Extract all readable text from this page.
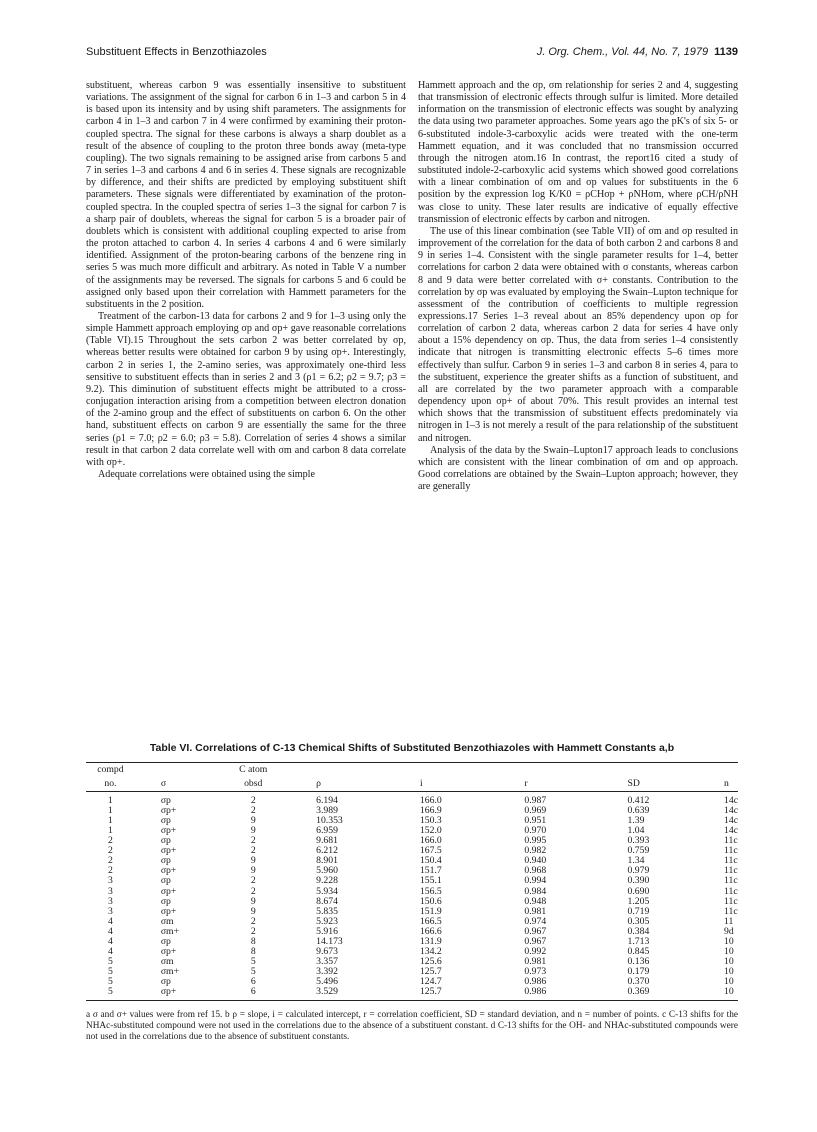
Substituent Effects in Benzothiazoles	J. Org. Chem., Vol. 44, No. 7, 1979 1139

substituent, whereas carbon 9 was essentially insensitive to substituent variations. The assignment of the signal for carbon 6 in 1–3 and carbon 5 in 4 is based upon its intensity and by using shift parameters. The assignments for carbon 4 in 1–3 and carbon 7 in 4 were confirmed by examining their proton-coupled spectra. The signal for these carbons is always a sharp doublet as a result of the absence of coupling to the proton three bonds away (meta-type coupling). The two signals remaining to be assigned arise from carbons 5 and 7 in series 1–3 and carbons 4 and 6 in series 4. These signals are recognizable by difference, and their shifts are predicted by employing substituent shift parameters. These signals were differentiated by examination of the proton-coupled spectra. In the coupled spectra of series 1–3 the signal for carbon 7 is a sharp pair of doublets, whereas the signal for carbon 5 is a broader pair of doublets which is consistent with additional coupling expected to arise from the proton attached to carbon 4. In series 4 carbons 4 and 6 were similarly identified. Assignment of the proton-bearing carbons of the benzene ring in series 5 was much more difficult and arbitrary. As noted in Table V a number of the assignments may be reversed. The signals for carbons 5 and 6 could be assigned only based upon their correlation with Hammett parameters for the substituents in the 2 position.

Treatment of the carbon-13 data for carbons 2 and 9 for 1–3 using only the simple Hammett approach employing σp and σp+ gave reasonable correlations (Table VI).15 Throughout the sets carbon 2 was better correlated by σp, whereas better results were obtained for carbon 9 by using σp+. Interestingly, carbon 2 in series 1, the 2-amino series, was approximately one-third less sensitive to substituent effects than in series 2 and 3 (ρ1 = 6.2; ρ2 = 9.7; ρ3 = 9.2). This diminution of substituent effects might be attributed to a cross-conjugation interaction arising from a competition between electron donation of the 2-amino group and the effect of substituents on carbon 6. On the other hand, substituent effects on carbon 9 are essentially the same for the three series (ρ1 = 7.0; ρ2 = 6.0; ρ3 = 5.8). Correlation of series 4 shows a similar result in that carbon 2 data correlate well with σm and carbon 8 data correlate with σp+.

Adequate correlations were obtained using the simple

Hammett approach and the σp, σm relationship for series 2 and 4, suggesting that transmission of electronic effects through sulfur is limited. More detailed information on the transmission of electronic effects was sought by analyzing the data using two parameter approaches. Some years ago the pK's of six 5- or 6-substituted indole-3-carboxylic acids were treated with the one-term Hammett equation, and it was concluded that no transmission occurred through the nitrogen atom.16 In contrast, the report16 cited a study of substituted indole-2-carboxylic acid systems which showed good correlations with a linear combination of σm and σp values for substituents in the 6 position by the expression log K/K0 = ρCHσp + ρNHσm, where ρCH/ρNH was close to unity. These later results are indicative of equally effective transmission of electronic effects by carbon and nitrogen.

The use of this linear combination (see Table VII) of σm and σp resulted in improvement of the correlation for the data of both carbon 2 and carbons 8 and 9 in series 1–4. Consistent with the single parameter results for 1–4, better correlations for carbon 2 data were obtained with σ constants, whereas carbon 8 and 9 data were better correlated with σ+ constants. Contribution to the correlation by σp was evaluated by employing the Swain–Lupton technique for assessment of the contribution of coefficients to multiple regression expressions.17 Series 1–3 reveal about an 85% dependency upon σp for correlation of carbon 2 data, whereas carbon 2 data for series 4 have only about a 15% dependency on σp. Thus, the data from series 1–4 consistently indicate that nitrogen is transmitting electronic effects 5–6 times more effectively than sulfur. Carbon 9 in series 1–3 and carbon 8 in series 4, para to the substituent, experience the greater shifts as a function of substituent, and all are correlated by the two parameter approach with a comparable dependency upon σp+ of about 70%. This result provides an internal test which shows that the transmission of substituent effects predominately via nitrogen in 1–3 is not merely a result of the para relationship of the substituent and nitrogen.

Analysis of the data by the Swain–Lupton17 approach leads to conclusions which are consistent with the linear combination of σm and σp approach. Good correlations are obtained by the Swain–Lupton approach; however, they are generally

Table VI. Correlations of C-13 Chemical Shifts of Substituted Benzothiazoles with Hammett Constants a,b
compd		C atom					
no.	σ	obsd	ρ	i	r	SD	n
1	σp	2	6.194	166.0	0.987	0.412	14c
1	σp+	2	3.989	166.9	0.969	0.639	14c
1	σp	9	10.353	150.3	0.951	1.39	14c
1	σp+	9	6.959	152.0	0.970	1.04	14c
2	σp	2	9.681	166.0	0.995	0.393	11c
2	σp+	2	6.212	167.5	0.982	0.759	11c
2	σp	9	8.901	150.4	0.940	1.34	11c
2	σp+	9	5.960	151.7	0.968	0.979	11c
3	σp	2	9.228	155.1	0.994	0.390	11c
3	σp+	2	5.934	156.5	0.984	0.690	11c
3	σp	9	8.674	150.6	0.948	1.205	11c
3	σp+	9	5.835	151.9	0.981	0.719	11c
4	σm	2	5.923	166.5	0.974	0.305	11
4	σm+	2	5.916	166.6	0.967	0.384	9d
4	σp	8	14.173	131.9	0.967	1.713	10
4	σp+	8	9.673	134.2	0.992	0.845	10
5	σm	5	3.357	125.6	0.981	0.136	10
5	σm+	5	3.392	125.7	0.973	0.179	10
5	σp	6	5.496	124.7	0.986	0.370	10
5	σp+	6	3.529	125.7	0.986	0.369	10
a σ and σ+ values were from ref 15. b ρ = slope, i = calculated intercept, r = correlation coefficient, SD = standard deviation, and n = number of points. c C-13 shifts for the NHAc-substituted compound were not used in the correlations due to the absence of a substituent constant. d C-13 shifts for the OH- and NHAc-substituted compounds were not used in the correlations due to the absence of substituent constants.
